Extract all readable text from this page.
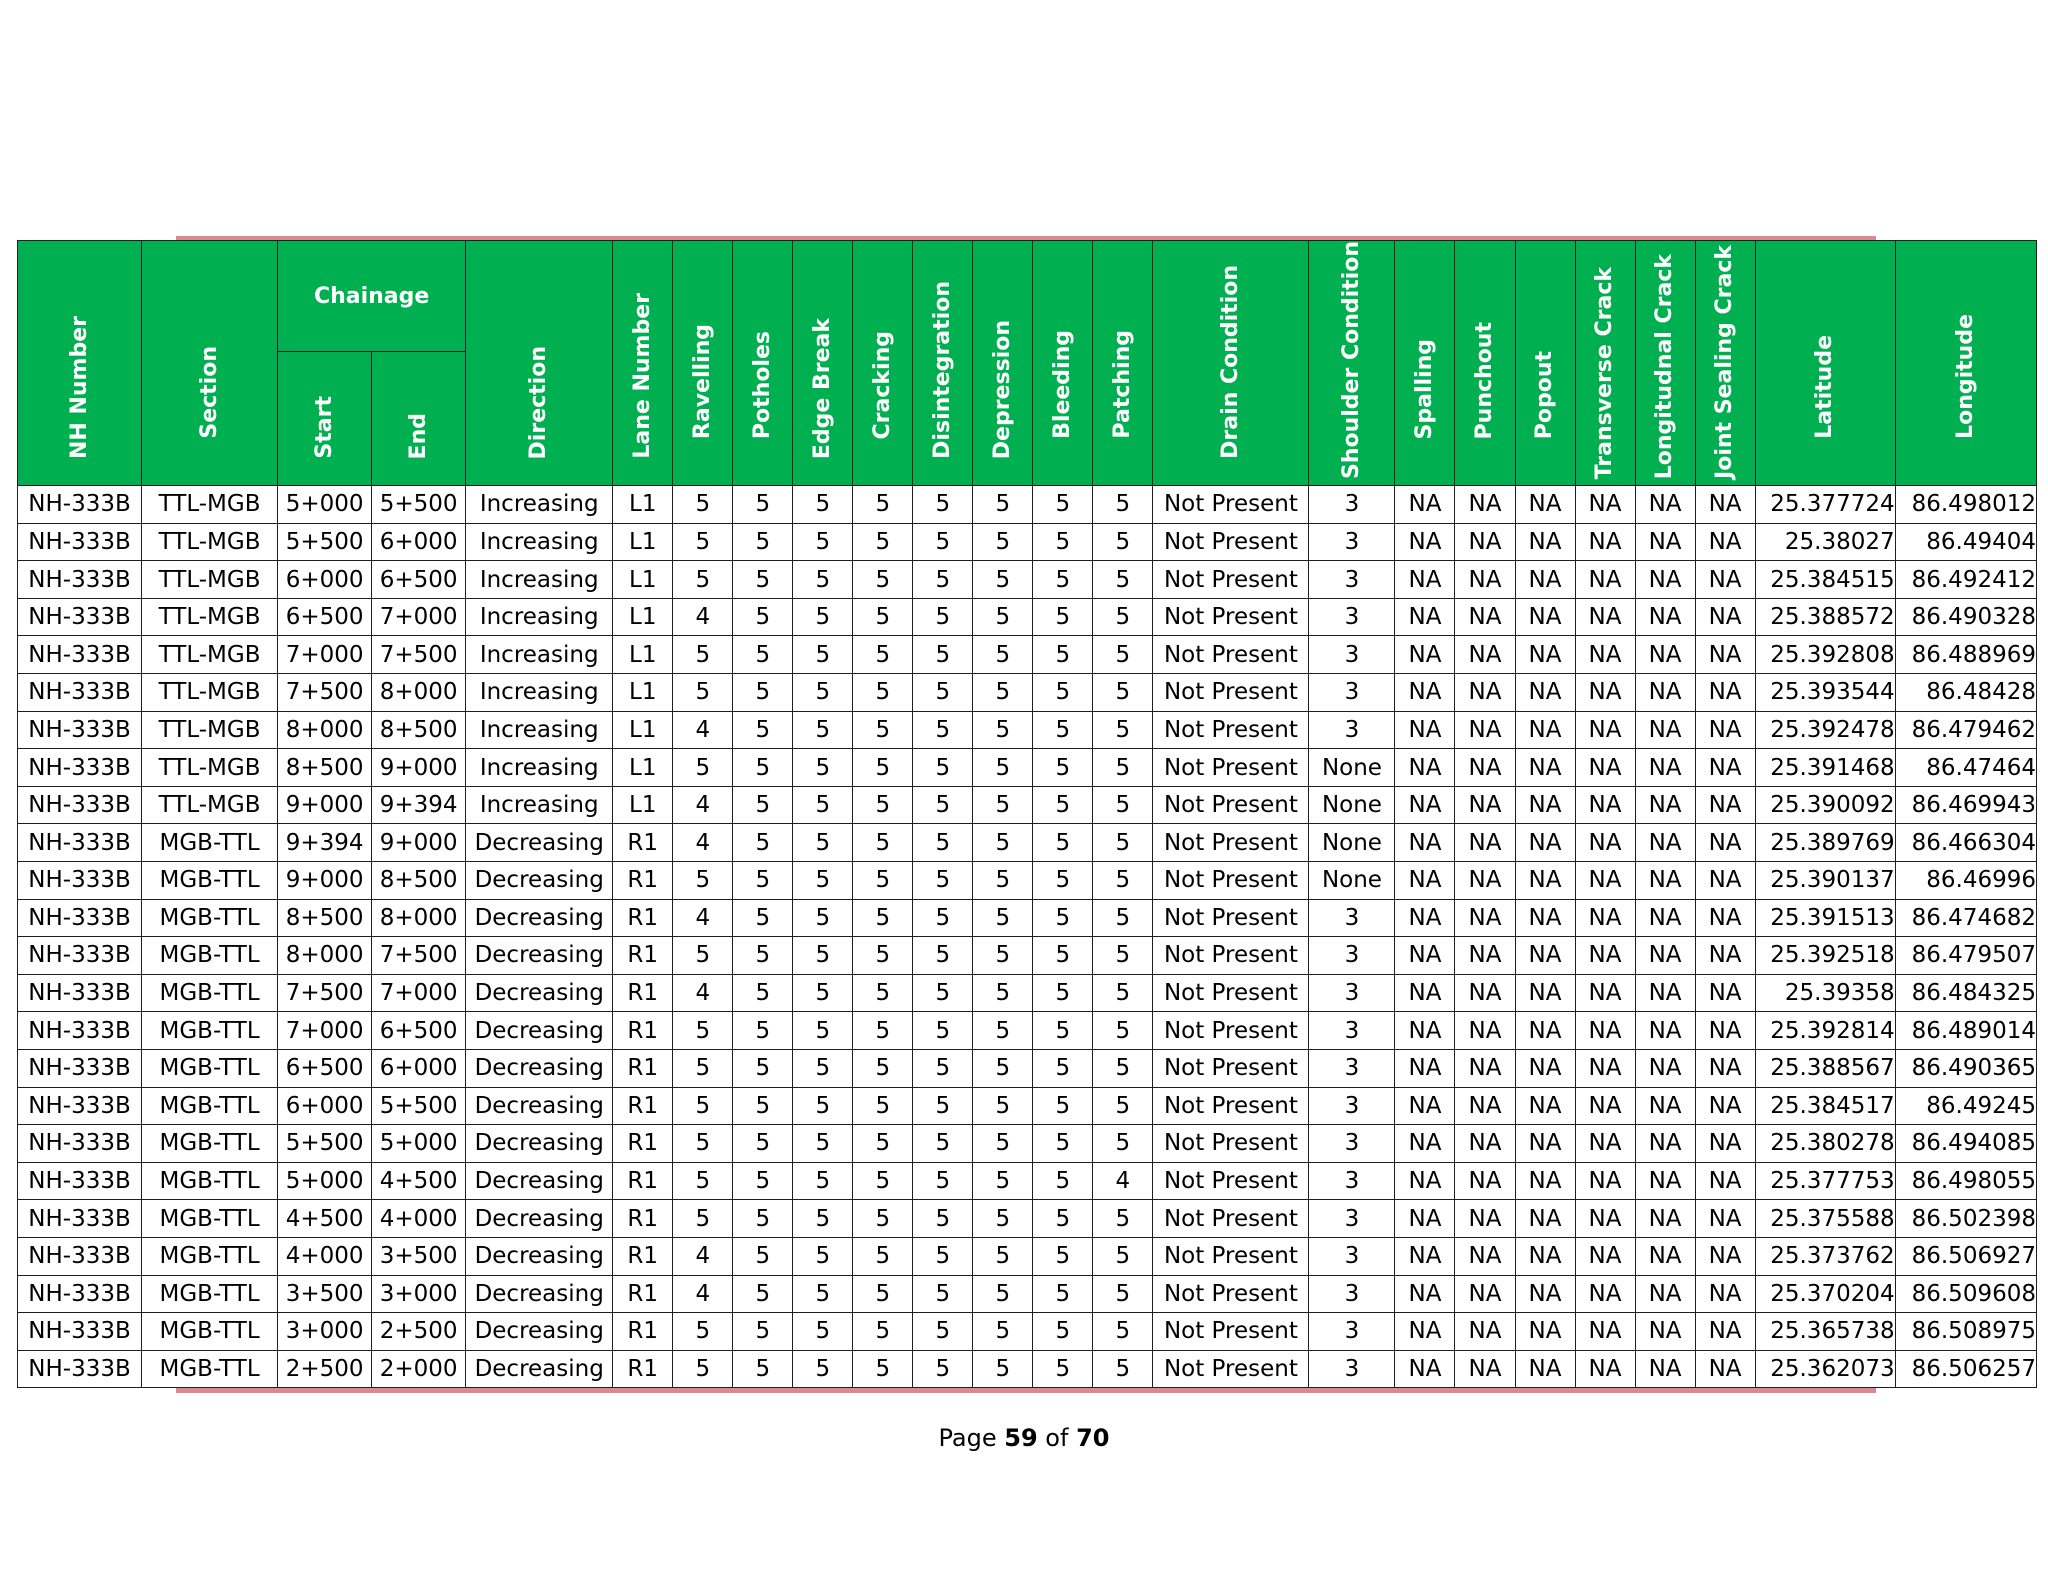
NH Number	Section	Chainage		Direction	Lane Number	Ravelling	Potholes	Edge Break	Cracking	Disintegration	Depression	Bleeding	Patching	Drain Condition	Shoulder Condition	Spalling	Punchout	Popout	Transverse Crack	Longitudnal Crack	Joint Sealing Crack	Latitude	Longitude

		Start	End																				

NH-333B	TTL-MGB	5+000	5+500	Increasing	L1	5	5	5	5	5	5	5	5	Not Present	3	NA	NA	NA	NA	NA	NA	25.377724	86.498012
NH-333B	TTL-MGB	5+500	6+000	Increasing	L1	5	5	5	5	5	5	5	5	Not Present	3	NA	NA	NA	NA	NA	NA	25.38027	86.49404
NH-333B	TTL-MGB	6+000	6+500	Increasing	L1	5	5	5	5	5	5	5	5	Not Present	3	NA	NA	NA	NA	NA	NA	25.384515	86.492412
NH-333B	TTL-MGB	6+500	7+000	Increasing	L1	4	5	5	5	5	5	5	5	Not Present	3	NA	NA	NA	NA	NA	NA	25.388572	86.490328
NH-333B	TTL-MGB	7+000	7+500	Increasing	L1	5	5	5	5	5	5	5	5	Not Present	3	NA	NA	NA	NA	NA	NA	25.392808	86.488969
NH-333B	TTL-MGB	7+500	8+000	Increasing	L1	5	5	5	5	5	5	5	5	Not Present	3	NA	NA	NA	NA	NA	NA	25.393544	86.48428
NH-333B	TTL-MGB	8+000	8+500	Increasing	L1	4	5	5	5	5	5	5	5	Not Present	3	NA	NA	NA	NA	NA	NA	25.392478	86.479462
NH-333B	TTL-MGB	8+500	9+000	Increasing	L1	5	5	5	5	5	5	5	5	Not Present	None	NA	NA	NA	NA	NA	NA	25.391468	86.47464
NH-333B	TTL-MGB	9+000	9+394	Increasing	L1	4	5	5	5	5	5	5	5	Not Present	None	NA	NA	NA	NA	NA	NA	25.390092	86.469943
NH-333B	MGB-TTL	9+394	9+000	Decreasing	R1	4	5	5	5	5	5	5	5	Not Present	None	NA	NA	NA	NA	NA	NA	25.389769	86.466304
NH-333B	MGB-TTL	9+000	8+500	Decreasing	R1	5	5	5	5	5	5	5	5	Not Present	None	NA	NA	NA	NA	NA	NA	25.390137	86.46996
NH-333B	MGB-TTL	8+500	8+000	Decreasing	R1	4	5	5	5	5	5	5	5	Not Present	3	NA	NA	NA	NA	NA	NA	25.391513	86.474682
NH-333B	MGB-TTL	8+000	7+500	Decreasing	R1	5	5	5	5	5	5	5	5	Not Present	3	NA	NA	NA	NA	NA	NA	25.392518	86.479507
NH-333B	MGB-TTL	7+500	7+000	Decreasing	R1	4	5	5	5	5	5	5	5	Not Present	3	NA	NA	NA	NA	NA	NA	25.39358	86.484325
NH-333B	MGB-TTL	7+000	6+500	Decreasing	R1	5	5	5	5	5	5	5	5	Not Present	3	NA	NA	NA	NA	NA	NA	25.392814	86.489014
NH-333B	MGB-TTL	6+500	6+000	Decreasing	R1	5	5	5	5	5	5	5	5	Not Present	3	NA	NA	NA	NA	NA	NA	25.388567	86.490365
NH-333B	MGB-TTL	6+000	5+500	Decreasing	R1	5	5	5	5	5	5	5	5	Not Present	3	NA	NA	NA	NA	NA	NA	25.384517	86.49245
NH-333B	MGB-TTL	5+500	5+000	Decreasing	R1	5	5	5	5	5	5	5	5	Not Present	3	NA	NA	NA	NA	NA	NA	25.380278	86.494085
NH-333B	MGB-TTL	5+000	4+500	Decreasing	R1	5	5	5	5	5	5	5	4	Not Present	3	NA	NA	NA	NA	NA	NA	25.377753	86.498055
NH-333B	MGB-TTL	4+500	4+000	Decreasing	R1	5	5	5	5	5	5	5	5	Not Present	3	NA	NA	NA	NA	NA	NA	25.375588	86.502398
NH-333B	MGB-TTL	4+000	3+500	Decreasing	R1	4	5	5	5	5	5	5	5	Not Present	3	NA	NA	NA	NA	NA	NA	25.373762	86.506927
NH-333B	MGB-TTL	3+500	3+000	Decreasing	R1	4	5	5	5	5	5	5	5	Not Present	3	NA	NA	NA	NA	NA	NA	25.370204	86.509608
NH-333B	MGB-TTL	3+000	2+500	Decreasing	R1	5	5	5	5	5	5	5	5	Not Present	3	NA	NA	NA	NA	NA	NA	25.365738	86.508975
NH-333B	MGB-TTL	2+500	2+000	Decreasing	R1	5	5	5	5	5	5	5	5	Not Present	3	NA	NA	NA	NA	NA	NA	25.362073	86.506257
Page 59 of 70
